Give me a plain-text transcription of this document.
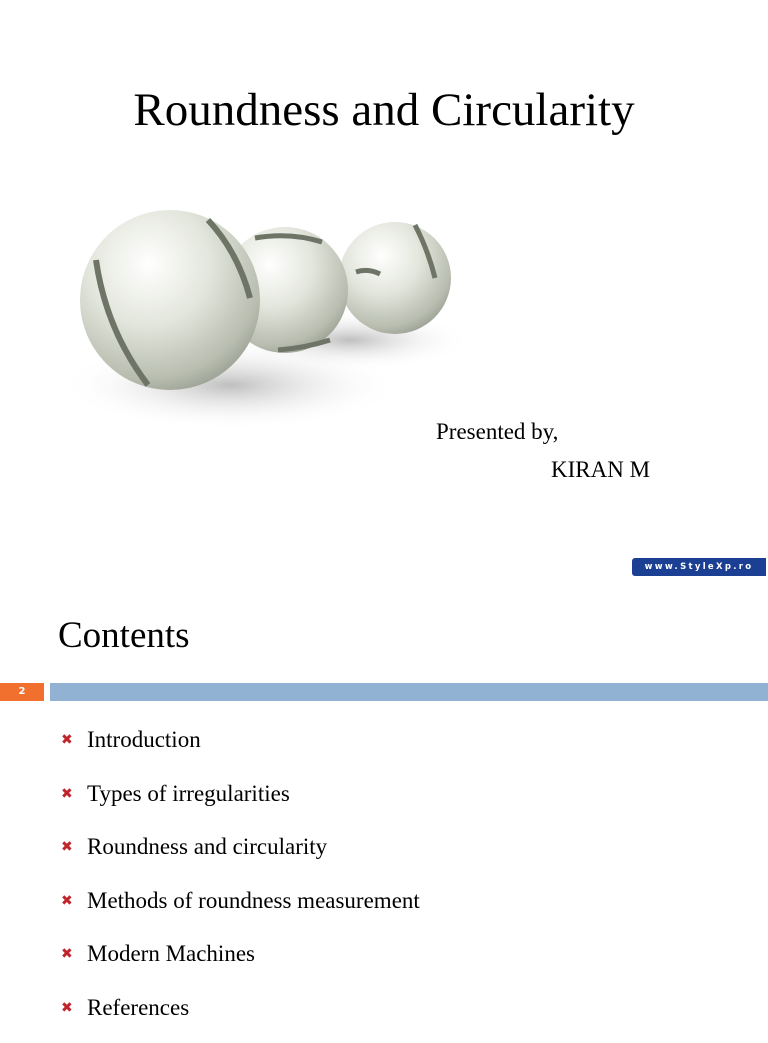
Roundness and Circularity
Presented by,
KIRAN M
www.StyleXp.ro
Contents
2
✖ Introduction
✖ Types of irregularities
✖ Roundness and circularity
✖ Methods of roundness measurement
✖ Modern Machines
✖ References
